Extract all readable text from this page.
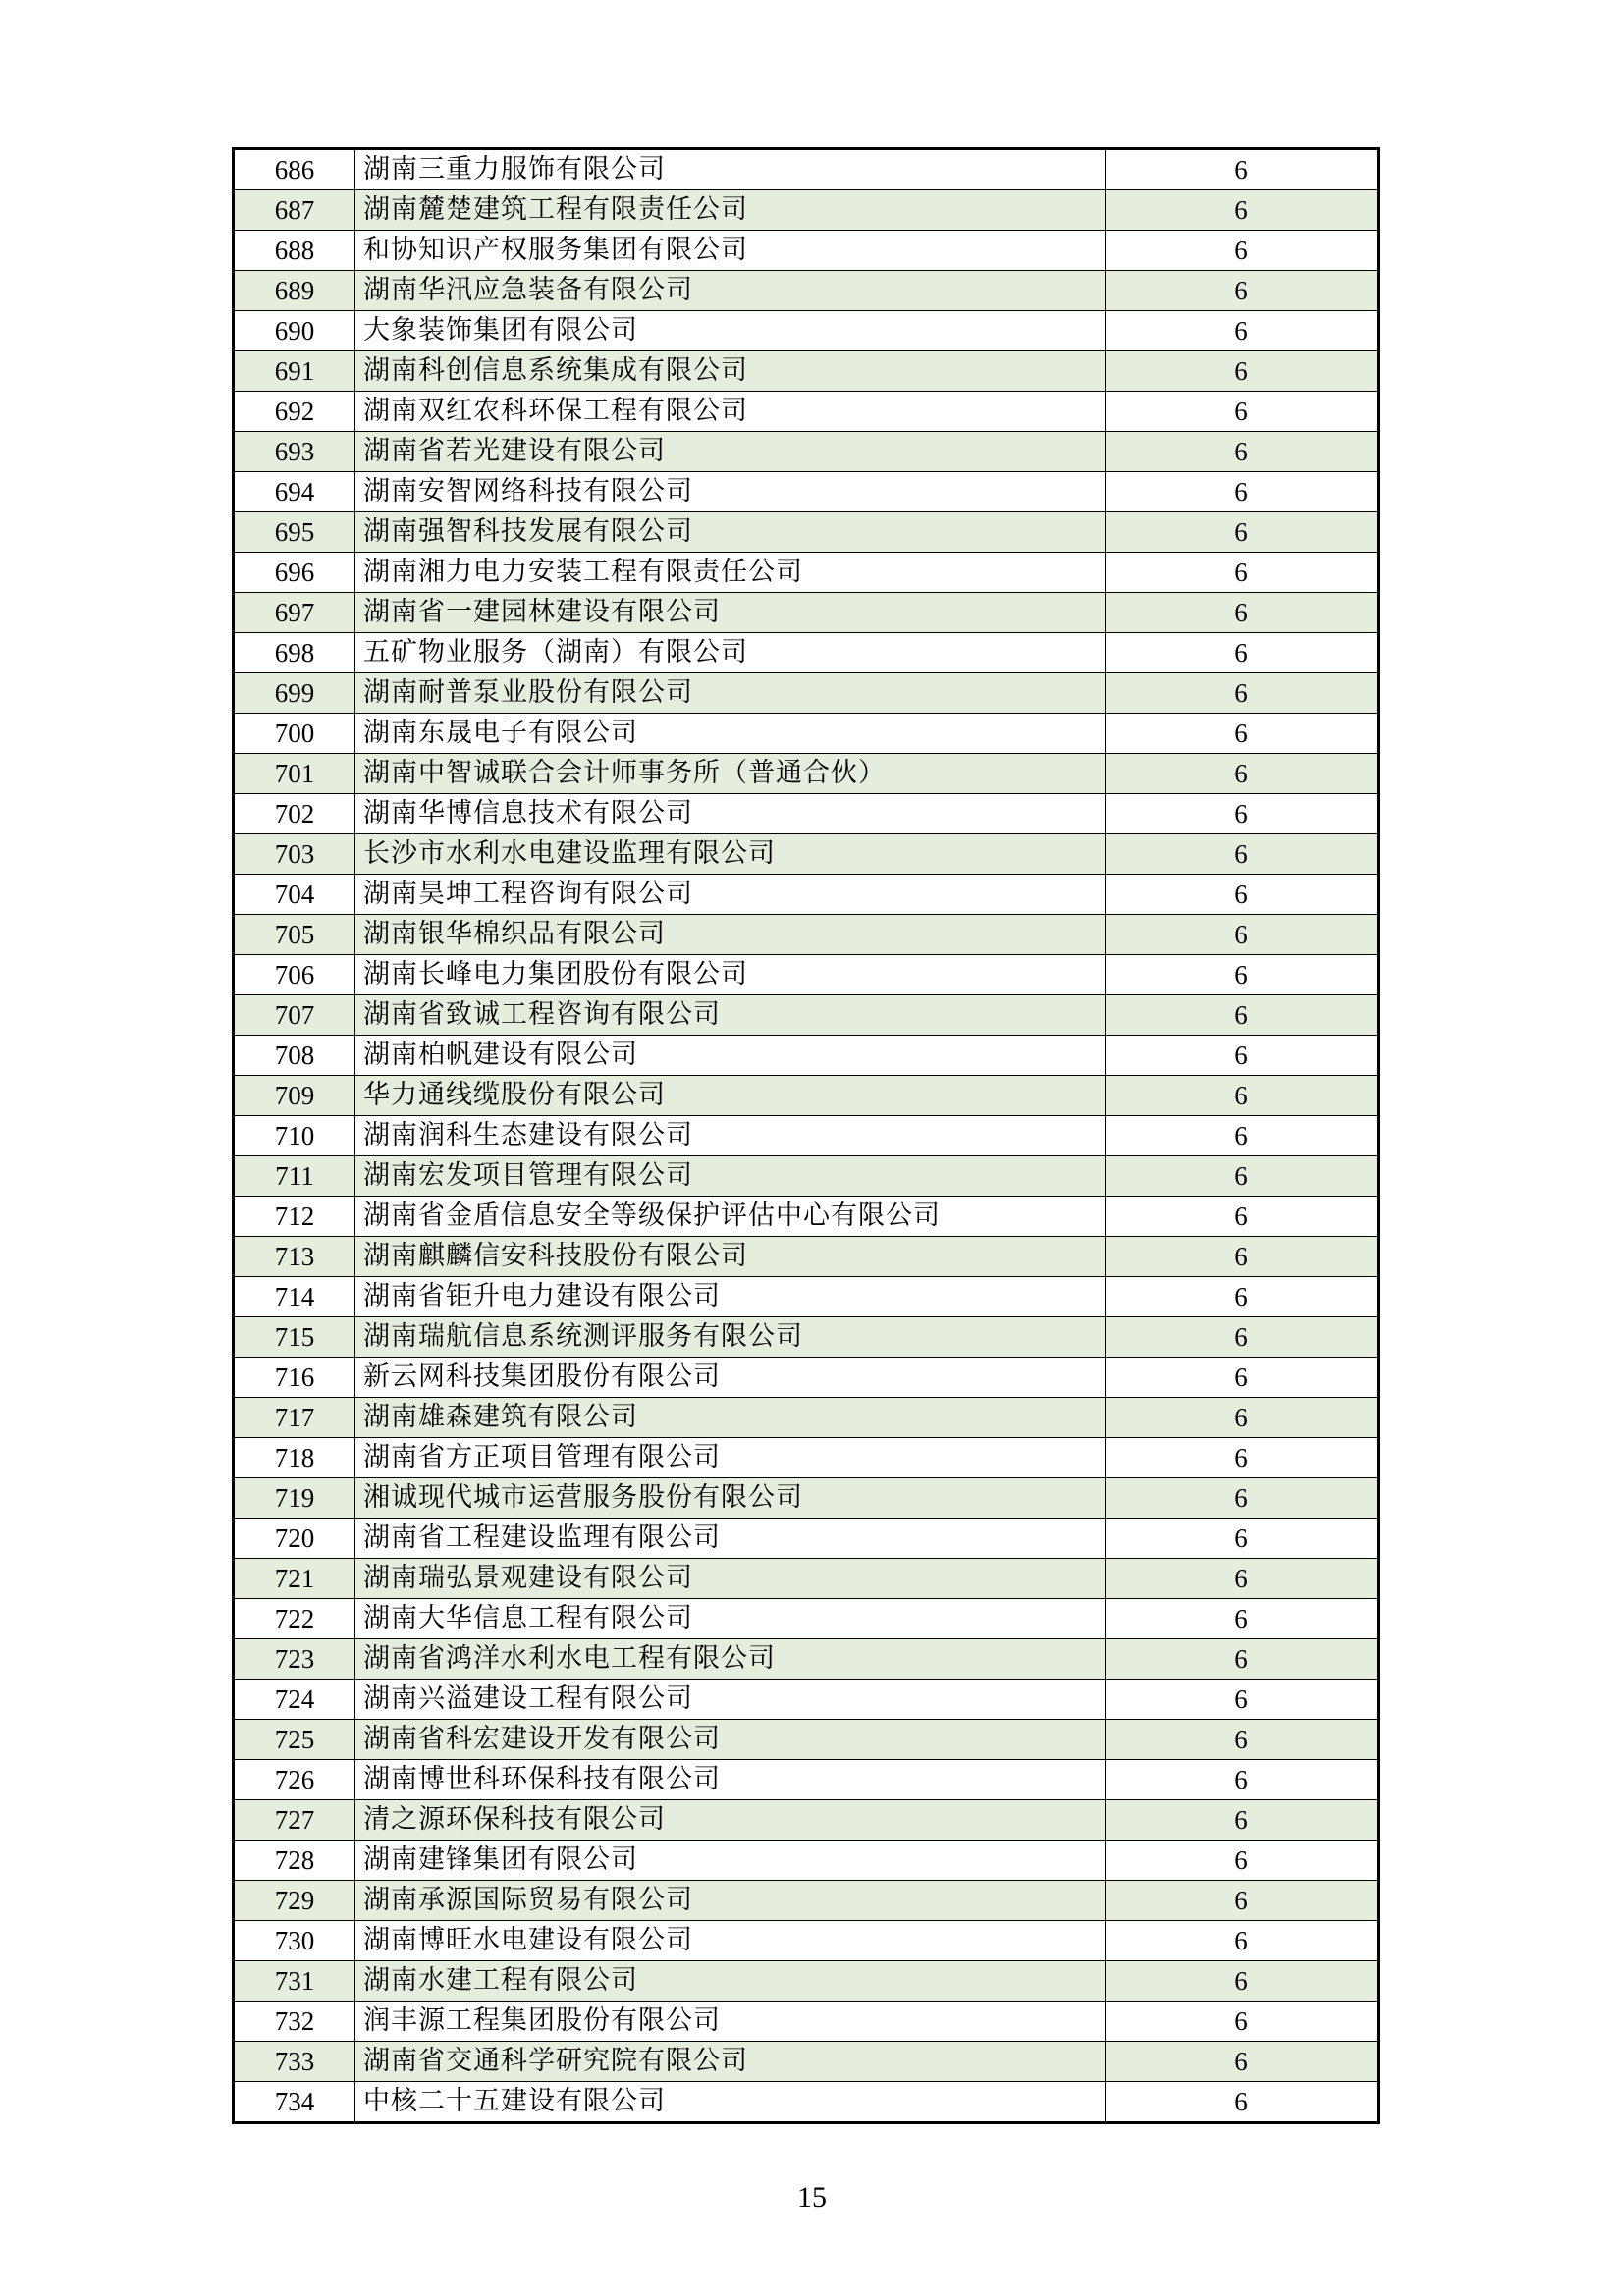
686	湖南三重力服饰有限公司	6
687	湖南麓楚建筑工程有限责任公司	6
688	和协知识产权服务集团有限公司	6
689	湖南华汛应急装备有限公司	6
690	大象装饰集团有限公司	6
691	湖南科创信息系统集成有限公司	6
692	湖南双红农科环保工程有限公司	6
693	湖南省若光建设有限公司	6
694	湖南安智网络科技有限公司	6
695	湖南强智科技发展有限公司	6
696	湖南湘力电力安装工程有限责任公司	6
697	湖南省一建园林建设有限公司	6
698	五矿物业服务（湖南）有限公司	6
699	湖南耐普泵业股份有限公司	6
700	湖南东晟电子有限公司	6
701	湖南中智诚联合会计师事务所（普通合伙）	6
702	湖南华博信息技术有限公司	6
703	长沙市水利水电建设监理有限公司	6
704	湖南昊坤工程咨询有限公司	6
705	湖南银华棉织品有限公司	6
706	湖南长峰电力集团股份有限公司	6
707	湖南省致诚工程咨询有限公司	6
708	湖南柏帆建设有限公司	6
709	华力通线缆股份有限公司	6
710	湖南润科生态建设有限公司	6
711	湖南宏发项目管理有限公司	6
712	湖南省金盾信息安全等级保护评估中心有限公司	6
713	湖南麒麟信安科技股份有限公司	6
714	湖南省钜升电力建设有限公司	6
715	湖南瑞航信息系统测评服务有限公司	6
716	新云网科技集团股份有限公司	6
717	湖南雄森建筑有限公司	6
718	湖南省方正项目管理有限公司	6
719	湘诚现代城市运营服务股份有限公司	6
720	湖南省工程建设监理有限公司	6
721	湖南瑞弘景观建设有限公司	6
722	湖南大华信息工程有限公司	6
723	湖南省鸿洋水利水电工程有限公司	6
724	湖南兴溢建设工程有限公司	6
725	湖南省科宏建设开发有限公司	6
726	湖南博世科环保科技有限公司	6
727	清之源环保科技有限公司	6
728	湖南建锋集团有限公司	6
729	湖南承源国际贸易有限公司	6
730	湖南博旺水电建设有限公司	6
731	湖南水建工程有限公司	6
732	润丰源工程集团股份有限公司	6
733	湖南省交通科学研究院有限公司	6
734	中核二十五建设有限公司	6
15
